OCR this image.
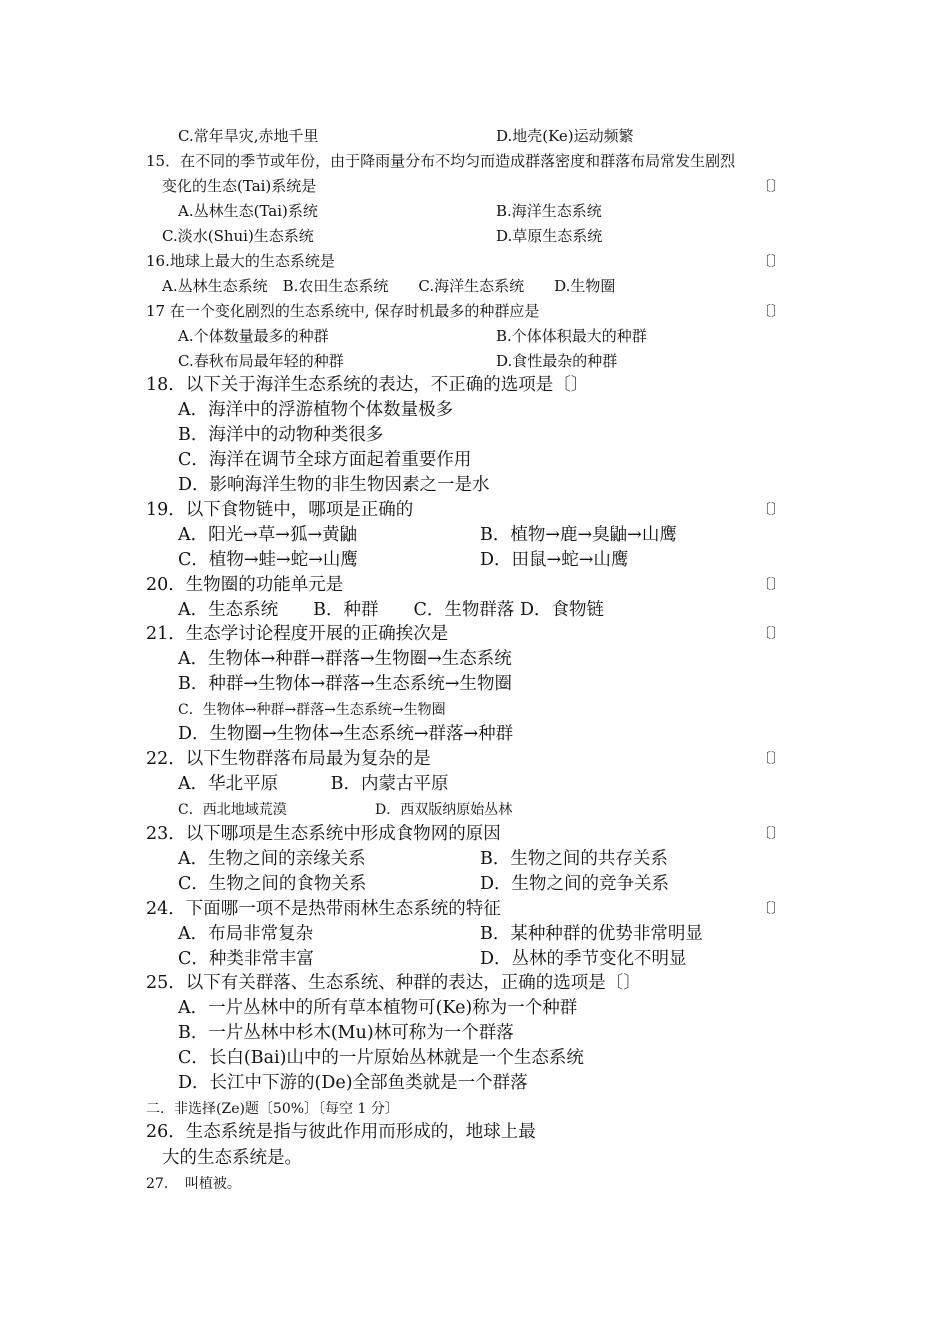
C.常年旱灾,赤地千里	D.地壳(Ke)运动频繁
15．在不同的季节或年份，由于降雨量分布不均匀而造成群落密度和群落布局常发生剧烈
变化的生态(Tai)系统是	〔〕
A.丛林生态(Tai)系统	B.海洋生态系统
C.淡水(Shui)生态系统	D.草原生态系统
16.地球上最大的生态系统是	〔〕
A.丛林生态系统　B.农田生态系统　　C.海洋生态系统　　D.生物圈
17 在一个变化剧烈的生态系统中, 保存时机最多的种群应是	〔〕
A.个体数量最多的种群	B.个体体积最大的种群
C.春秋布局最年轻的种群	D.食性最杂的种群
18．以下关于海洋生态系统的表达，不正确的选项是〔〕
A．海洋中的浮游植物个体数量极多
B．海洋中的动物种类很多
C．海洋在调节全球方面起着重要作用
D．影响海洋生物的非生物因素之一是水
19．以下食物链中，哪项是正确的	〔〕
A．阳光→草→狐→黄鼬	B．植物→鹿→臭鼬→山鹰
C．植物→蛙→蛇→山鹰	D．田鼠→蛇→山鹰
20．生物圈的功能单元是	〔〕
A．生态系统　　B．种群　　C．生物群落 D．食物链
21．生态学讨论程度开展的正确挨次是	〔〕
A．生物体→种群→群落→生物圈→生态系统
B．种群→生物体→群落→生态系统→生物圈
C．生物体→种群→群落→生态系统→生物圈
D．生物圈→生物体→生态系统→群落→种群
22．以下生物群落布局最为复杂的是	〔〕
A．华北平原　　　B．内蒙古平原
C．西北地域荒漠	D．西双版纳原始丛林
23．以下哪项是生态系统中形成食物网的原因	〔〕
A．生物之间的亲缘关系	B．生物之间的共存关系
C．生物之间的食物关系	D．生物之间的竞争关系
24．下面哪一项不是热带雨林生态系统的特征	〔〕
A．布局非常复杂	B．某种种群的优势非常明显
C．种类非常丰富	D．丛林的季节变化不明显
25．以下有关群落、生态系统、种群的表达，正确的选项是〔〕
A．一片丛林中的所有草本植物可(Ke)称为一个种群
B．一片丛林中杉木(Mu)林可称为一个群落
C．长白(Bai)山中的一片原始丛林就是一个生态系统
D．长江中下游的(De)全部鱼类就是一个群落
二．非选择(Ze)题〔50%〕〔每空 1 分〕
26．生态系统是指与彼此作用而形成的，地球上最
大的生态系统是。
27．　叫植被。
